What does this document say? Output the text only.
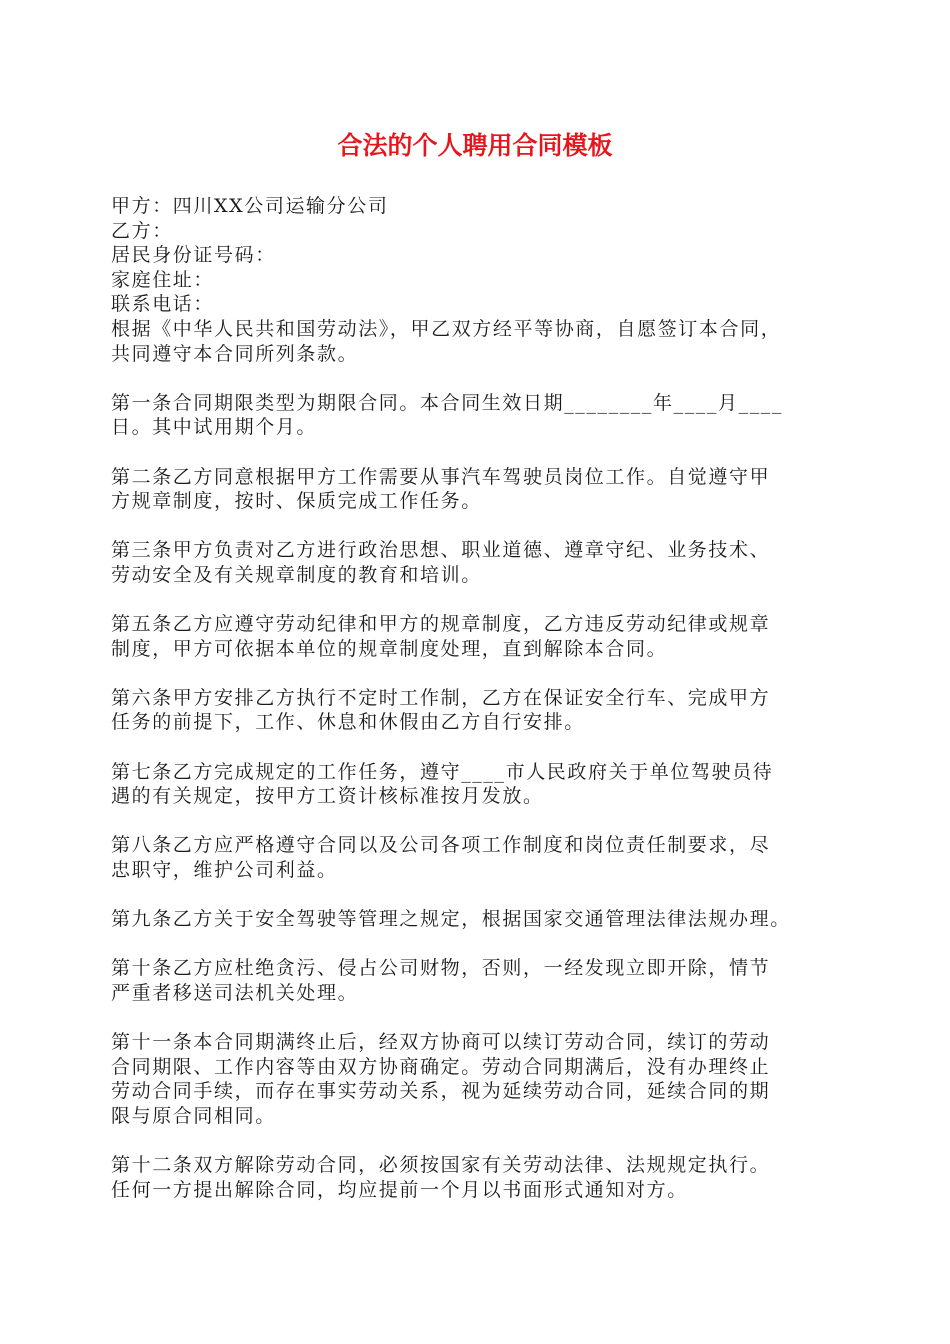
合法的个人聘用合同模板

甲方：四川XX公司运输分公司

乙方：

居民身份证号码：

家庭住址：

联系电话：

根据《中华人民共和国劳动法》，甲乙双方经平等协商，自愿签订本合同，

共同遵守本合同所列条款。

第一条合同期限类型为期限合同。本合同生效日期________年____月____

日。其中试用期个月。

第二条乙方同意根据甲方工作需要从事汽车驾驶员岗位工作。自觉遵守甲

方规章制度，按时、保质完成工作任务。

第三条甲方负责对乙方进行政治思想、职业道德、遵章守纪、业务技术、

劳动安全及有关规章制度的教育和培训。

第五条乙方应遵守劳动纪律和甲方的规章制度，乙方违反劳动纪律或规章

制度，甲方可依据本单位的规章制度处理，直到解除本合同。

第六条甲方安排乙方执行不定时工作制，乙方在保证安全行车、完成甲方

任务的前提下，工作、休息和休假由乙方自行安排。

第七条乙方完成规定的工作任务，遵守____市人民政府关于单位驾驶员待

遇的有关规定，按甲方工资计核标准按月发放。

第八条乙方应严格遵守合同以及公司各项工作制度和岗位责任制要求，尽

忠职守，维护公司利益。

第九条乙方关于安全驾驶等管理之规定，根据国家交通管理法律法规办理。

第十条乙方应杜绝贪污、侵占公司财物，否则，一经发现立即开除，情节

严重者移送司法机关处理。

第十一条本合同期满终止后，经双方协商可以续订劳动合同，续订的劳动

合同期限、工作内容等由双方协商确定。劳动合同期满后，没有办理终止

劳动合同手续，而存在事实劳动关系，视为延续劳动合同，延续合同的期

限与原合同相同。

第十二条双方解除劳动合同，必须按国家有关劳动法律、法规规定执行。

任何一方提出解除合同，均应提前一个月以书面形式通知对方。
